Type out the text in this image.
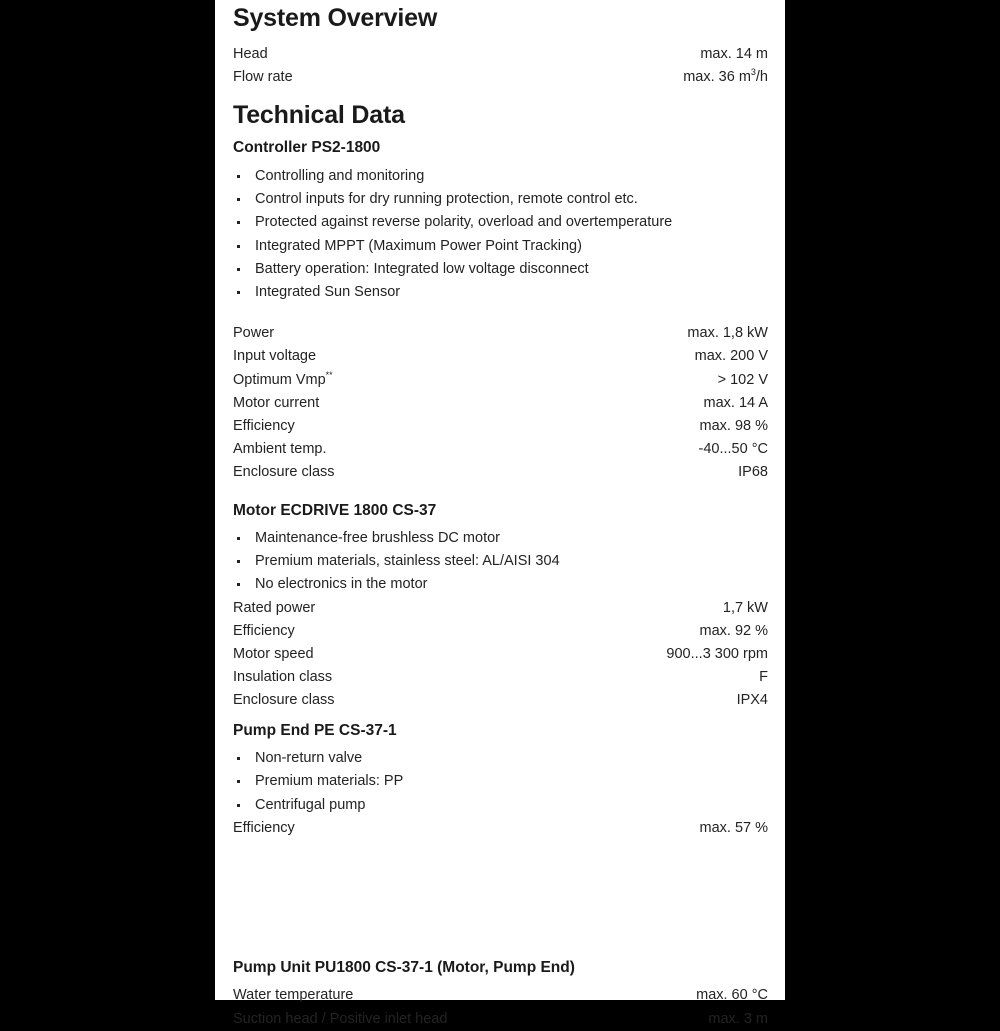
System Overview
Head	max. 14 m
Flow rate	max. 36 $m^3/h$
Technical Data
Controller PS2-1800
Controlling and monitoring
Control inputs for dry running protection, remote control etc.
Protected against reverse polarity, overload and overtemperature
Integrated MPPT (Maximum Power Point Tracking)
Battery operation: Integrated low voltage disconnect
Integrated Sun Sensor
Power	max. 1,8 kW
Input voltage	max. 200 V
Optimum Vmp**	> 102 V
Motor current	max. 14 A
Efficiency	max. 98 %
Ambient temp.	-40...50 °C
Enclosure class	IP68
Motor ECDRIVE 1800 CS-37
Maintenance-free brushless DC motor
Premium materials, stainless steel: AL/AISI 304
No electronics in the motor
Rated power	1,7 kW
Efficiency	max. 92 %
Motor speed	900...3 300 rpm
Insulation class	F
Enclosure class	IPX4
Pump End PE CS-37-1
Non-return valve
Premium materials: PP
Centrifugal pump
Efficiency	max. 57 %
Pump Unit PU1800 CS-37-1 (Motor, Pump End)
Water temperature	max. 60 °C
Suction head / Positive inlet head	max. 3 m
